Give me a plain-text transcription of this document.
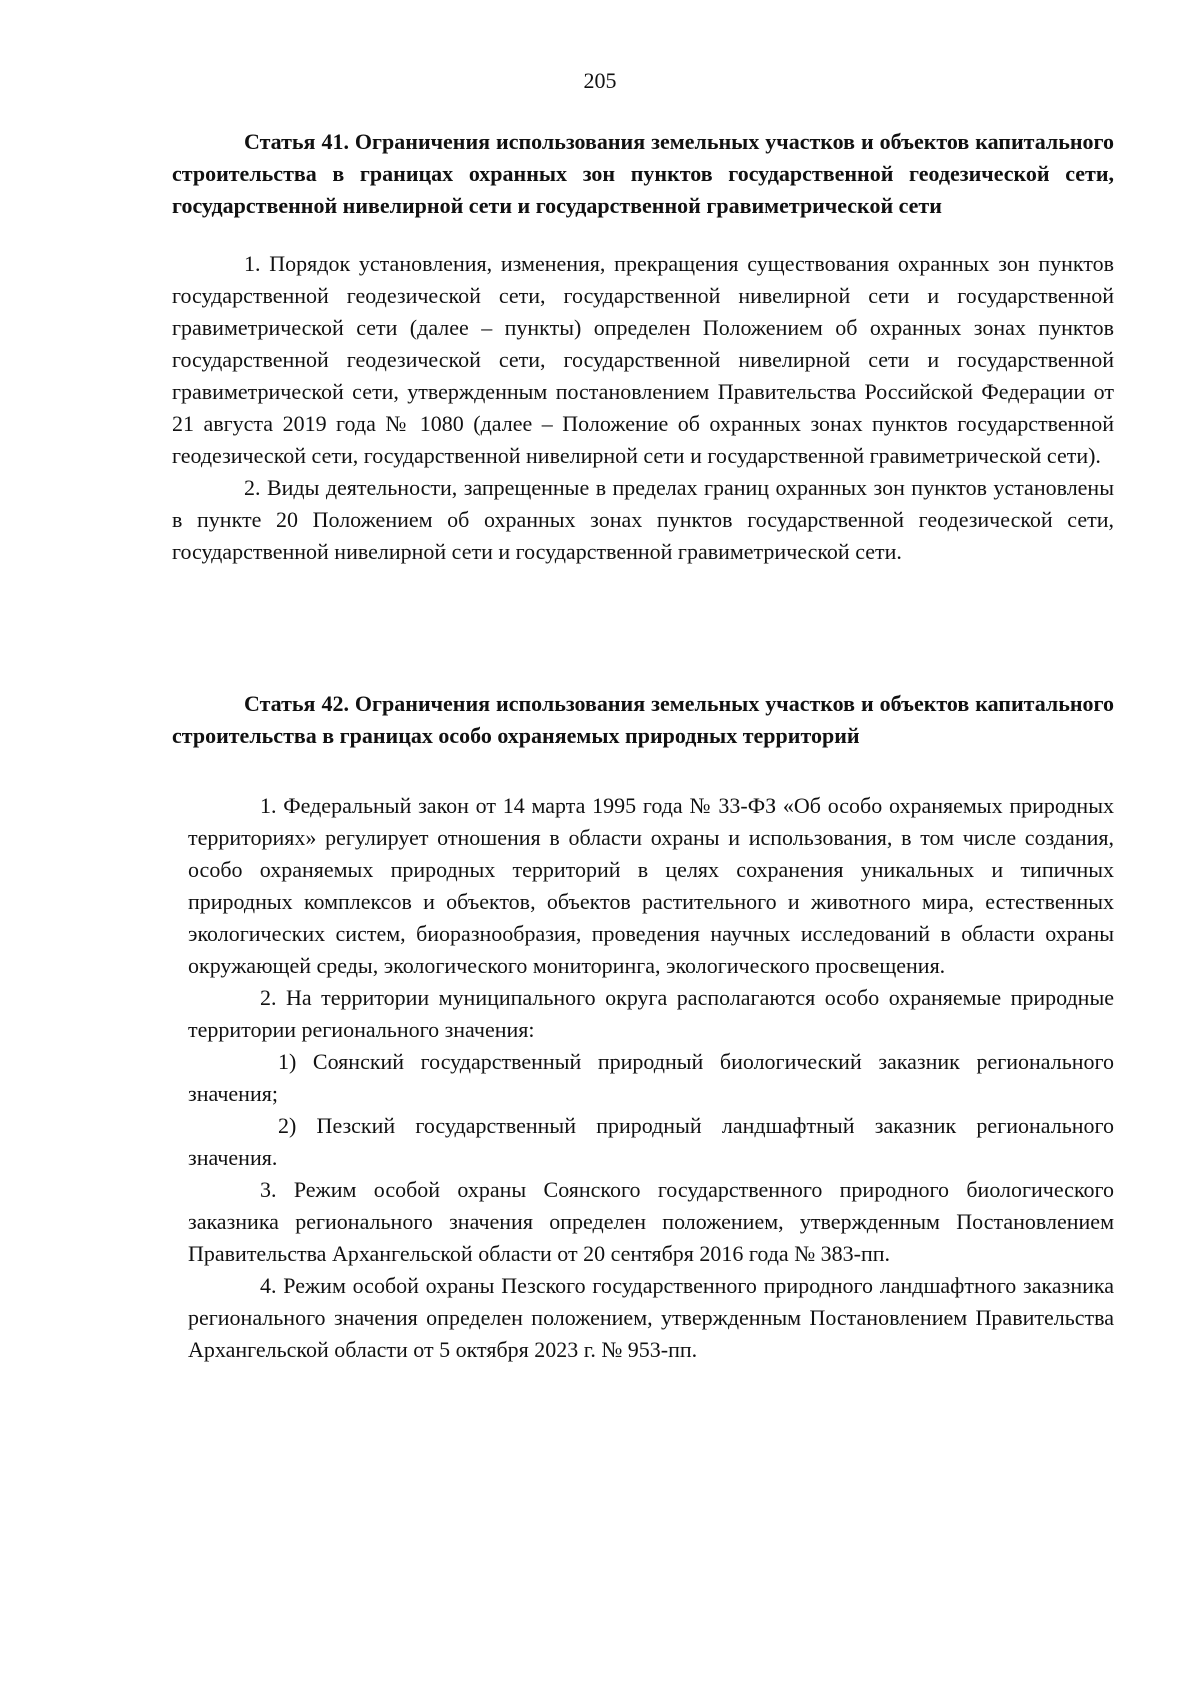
205

Статья 41. Ограничения использования земельных участков и объектов капитального строительства в границах охранных зон пунктов государственной геодезической сети, государственной нивелирной сети и государственной гравиметрической сети

1. Порядок установления, изменения, прекращения существования охранных зон пунктов государственной геодезической сети, государственной нивелирной сети и государственной гравиметрической сети (далее – пункты) определен Положением об охранных зонах пунктов государственной геодезической сети, государственной нивелирной сети и государственной гравиметрической сети, утвержденным постановлением Правительства Российской Федерации от 21 августа 2019 года № 1080 (далее – Положение об охранных зонах пунктов государственной геодезической сети, государственной нивелирной сети и государственной гравиметрической сети).

2. Виды деятельности, запрещенные в пределах границ охранных зон пунктов установлены в пункте 20 Положением об охранных зонах пунктов государственной геодезической сети, государственной нивелирной сети и государственной гравиметрической сети.

Статья 42. Ограничения использования земельных участков и объектов капитального строительства в границах особо охраняемых природных территорий

1. Федеральный закон от 14 марта 1995 года № 33-ФЗ «Об особо охраняемых природных территориях» регулирует отношения в области охраны и использования, в том числе создания, особо охраняемых природных территорий в целях сохранения уникальных и типичных природных комплексов и объектов, объектов растительного и животного мира, естественных экологических систем, биоразнообразия, проведения научных исследований в области охраны окружающей среды, экологического мониторинга, экологического просвещения.

2. На территории муниципального округа располагаются особо охраняемые природные территории регионального значения:

1) Соянский государственный природный биологический заказник регионального значения;

2) Пезский государственный природный ландшафтный заказник регионального значения.

3. Режим особой охраны Соянского государственного природного биологического заказника регионального значения определен положением, утвержденным Постановлением Правительства Архангельской области от 20 сентября 2016 года № 383-пп.

4. Режим особой охраны Пезского государственного природного ландшафтного заказника регионального значения определен положением, утвержденным Постановлением Правительства Архангельской области от 5 октября 2023 г. № 953-пп.
